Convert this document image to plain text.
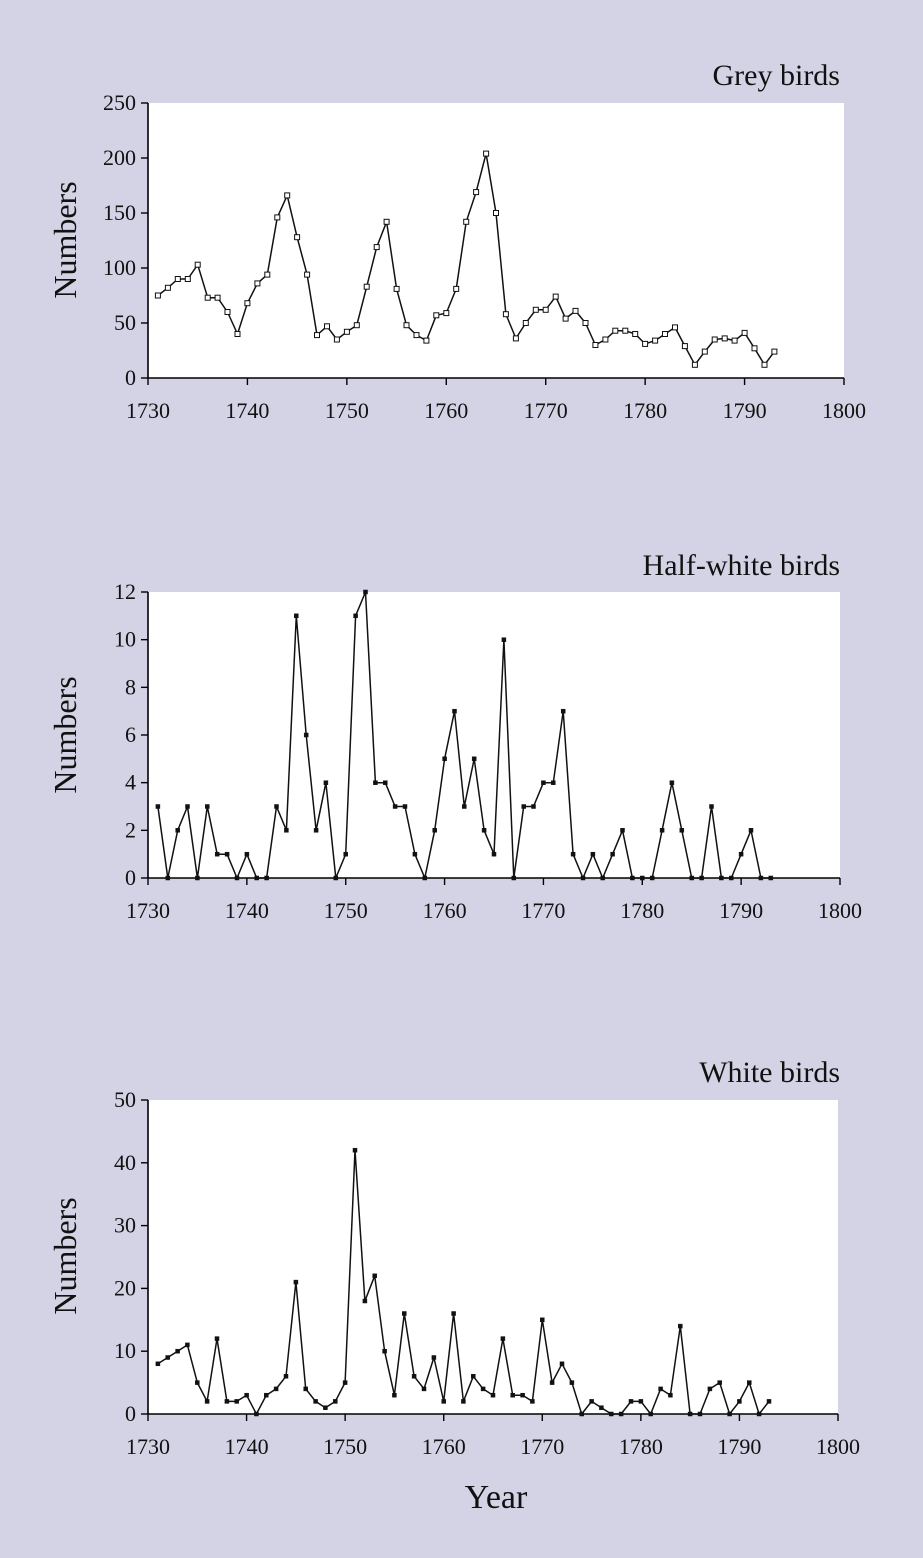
Grey birds
Numbers
0
50
100
150
200
250
1730	1740	1750	1760	1770	1780	1790	1800
Half-white birds
Numbers
0
2
4
6
8
10
12
1730 1740 1750 1760 1770 1780 1790 1800
White birds
Numbers
0
10
20
30
40
50
1730 1740 1750 1760 1770 1780 1790 1800
Year
